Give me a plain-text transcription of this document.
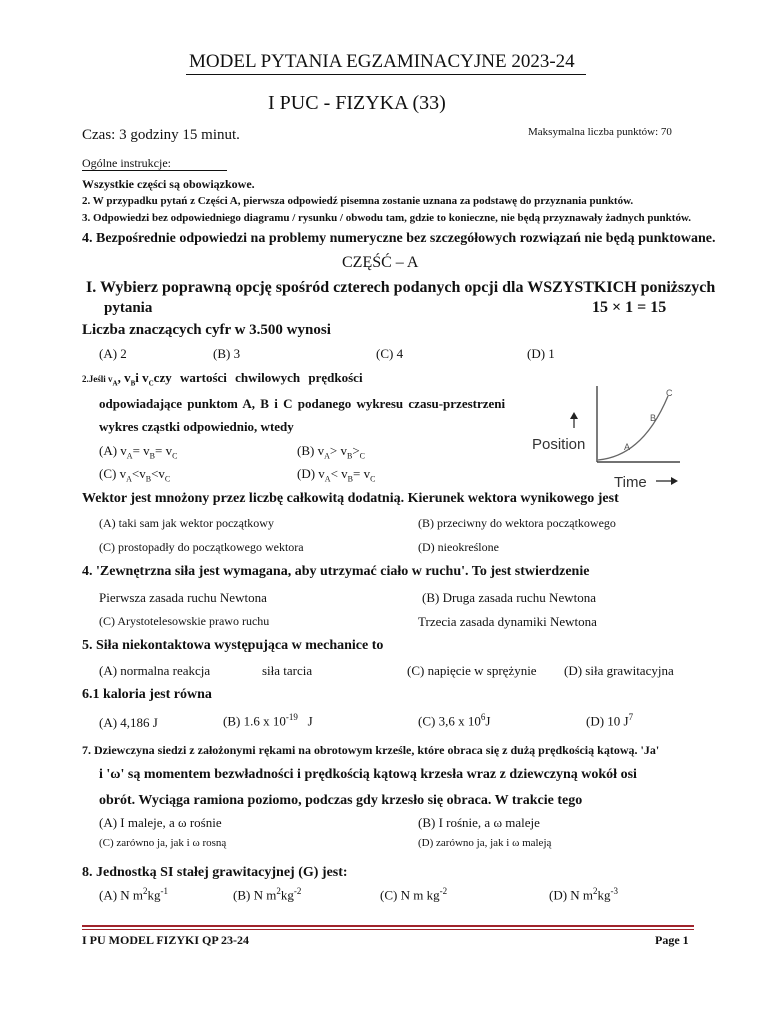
MODEL PYTANIA EGZAMINACYJNE 2023-24
I PUC - FIZYKA (33)
Czas: 3 godziny 15 minut.	Maksymalna liczba punktów: 70
Ogólne instrukcje:
Wszystkie części są obowiązkowe.
2. W przypadku pytań z Części A, pierwsza odpowiedź pisemna zostanie uznana za podstawę do przyznania punktów.
3. Odpowiedzi bez odpowiedniego diagramu / rysunku / obwodu tam, gdzie to konieczne, nie będą przyznawały żadnych punktów.
4. Bezpośrednie odpowiedzi na problemy numeryczne bez szczegółowych rozwiązań nie będą punktowane.
CZĘŚĆ – A
I. Wybierz poprawną opcję spośród czterech podanych opcji dla WSZYSTKICH poniższych
pytania	15 × 1 = 15
Liczba znaczących cyfr w 3.500 wynosi
(A) 2	(B) 3	(C) 4	(D) 1
2.Jeśli $v_A$, $v_Bi$ $v_Cczy$ wartości chwilowych prędkości
odpowiadające punktom A, B i C podanego wykresu czasu-przestrzeni
wykres cząstki odpowiednio, wtedy
(A) $v_A= v_B= v_C$	(B) $v_A> v_B>_C$
(C) $v_A<v_B<v_C$	(D) $v_A< v_B= v_C$
Position
Time
A
B
C
Wektor jest mnożony przez liczbę całkowitą dodatnią. Kierunek wektora wynikowego jest
(A) taki sam jak wektor początkowy	(B) przeciwny do wektora początkowego
(C) prostopadły do początkowego wektora	(D) nieokreślone
4. 'Zewnętrzna siła jest wymagana, aby utrzymać ciało w ruchu'. To jest stwierdzenie
Pierwsza zasada ruchu Newtona	(B) Druga zasada ruchu Newtona
(C) Arystotelesowskie prawo ruchu	Trzecia zasada dynamiki Newtona
5. Siła niekontaktowa występująca w mechanice to
(A) normalna reakcja	siła tarcia	(C) napięcie w sprężynie (D) siła grawitacyjna
6.1 kaloria jest równa
(A) 4,186 J	(B) 1.6 x $10^{-19}$ J	(C) 3,6 x $10^6J$	(D) 10 $J^7$
7. Dziewczyna siedzi z założonymi rękami na obrotowym krześle, które obraca się z dużą prędkością kątową. 'Ja'
i 'ω' są momentem bezwładności i prędkością kątową krzesła wraz z dziewczyną wokół osi
obrót. Wyciąga ramiona poziomo, podczas gdy krzesło się obraca. W trakcie tego
(A) I maleje, a ω rośnie	(B) I rośnie, a ω maleje
(C) zarówno ja, jak i ω rosną	(D) zarówno ja, jak i ω maleją
8. Jednostką SI stałej grawitacyjnej (G) jest:
(A) N $m^2kg^{-1}$	(B) N $m^2kg^{-2}$	(C) N m $kg^{-2}$	(D) N $m^2kg^{-3}$
I PU MODEL FIZYKI QP 23-24	Page 1
